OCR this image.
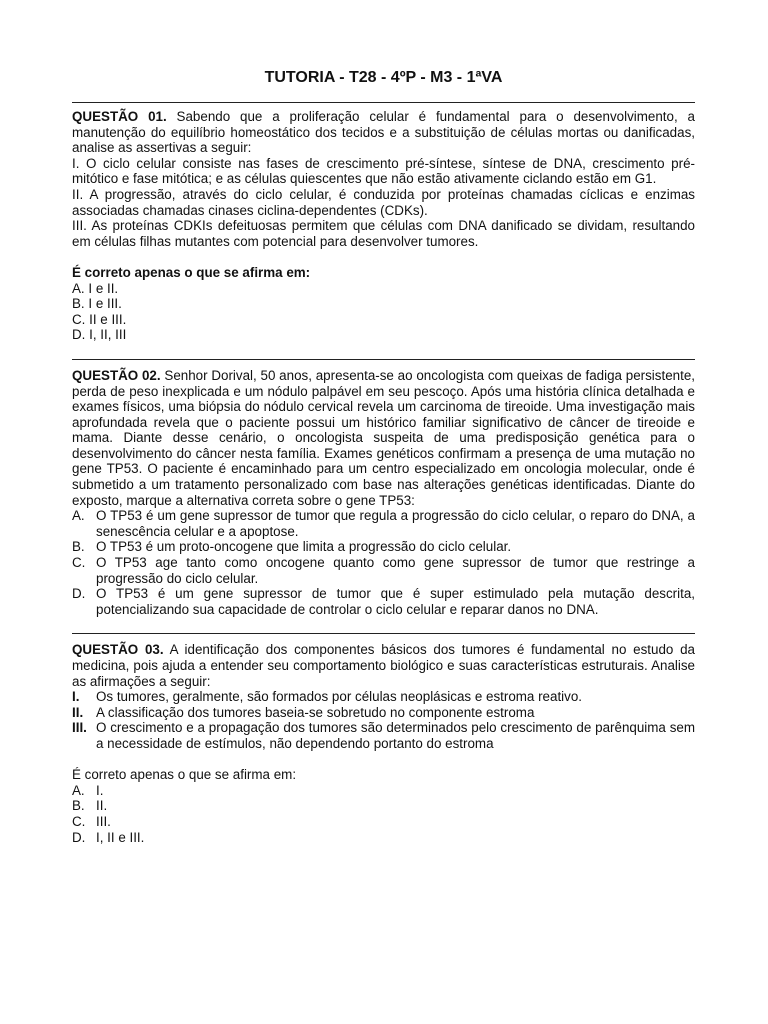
TUTORIA - T28 - 4ºP - M3 - 1ªVA

QUESTÃO 01. Sabendo que a proliferação celular é fundamental para o desenvolvimento, a manutenção do equilíbrio homeostático dos tecidos e a substituição de células mortas ou danificadas, analise as assertivas a seguir:

I. O ciclo celular consiste nas fases de crescimento pré-síntese, síntese de DNA, crescimento pré-mitótico e fase mitótica; e as células quiescentes que não estão ativamente ciclando estão em G1.

II. A progressão, através do ciclo celular, é conduzida por proteínas chamadas cíclicas e enzimas associadas chamadas cinases ciclina-dependentes (CDKs).

III. As proteínas CDKIs defeituosas permitem que células com DNA danificado se dividam, resultando em células filhas mutantes com potencial para desenvolver tumores.

É correto apenas o que se afirma em:

A. I e II.

B. I e III.

C. II e III.

D. I, II, III

QUESTÃO 02. Senhor Dorival, 50 anos, apresenta-se ao oncologista com queixas de fadiga persistente, perda de peso inexplicada e um nódulo palpável em seu pescoço. Após uma história clínica detalhada e exames físicos, uma biópsia do nódulo cervical revela um carcinoma de tireoide. Uma investigação mais aprofundada revela que o paciente possui um histórico familiar significativo de câncer de tireoide e mama. Diante desse cenário, o oncologista suspeita de uma predisposição genética para o desenvolvimento do câncer nesta família. Exames genéticos confirmam a presença de uma mutação no gene TP53. O paciente é encaminhado para um centro especializado em oncologia molecular, onde é submetido a um tratamento personalizado com base nas alterações genéticas identificadas. Diante do exposto, marque a alternativa correta sobre o gene TP53:

A. O TP53 é um gene supressor de tumor que regula a progressão do ciclo celular, o reparo do DNA, a senescência celular e a apoptose.
B. O TP53 é um proto-oncogene que limita a progressão do ciclo celular.
C. O TP53 age tanto como oncogene quanto como gene supressor de tumor que restringe a progressão do ciclo celular.
D. O TP53 é um gene supressor de tumor que é super estimulado pela mutação descrita, potencializando sua capacidade de controlar o ciclo celular e reparar danos no DNA.

QUESTÃO 03. A identificação dos componentes básicos dos tumores é fundamental no estudo da medicina, pois ajuda a entender seu comportamento biológico e suas características estruturais. Analise as afirmações a seguir:

I.	Os tumores, geralmente, são formados por células neoplásicas e estroma reativo.
II. A classificação dos tumores baseia-se sobretudo no componente estroma
III. O crescimento e a propagação dos tumores são determinados pelo crescimento de parênquima sem a necessidade de estímulos, não dependendo portanto do estroma

É correto apenas o que se afirma em:

A. I.
B. II.
C. III.
D. I, II e III.
